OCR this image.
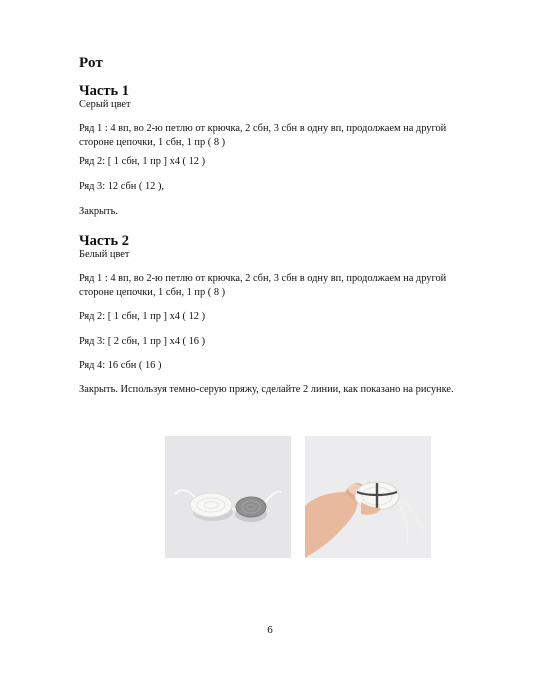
Рот
Часть 1
Серый цвет
Ряд 1 : 4 вп, во 2-ю петлю от крючка, 2 сбн, 3 сбн в одну вп, продолжаем на другой
стороне цепочки, 1 сбн, 1 пр ( 8 )
Ряд 2: [ 1 сбн, 1 пр ] x4 ( 12 )
Ряд 3: 12 сбн ( 12 ),
Закрыть.
Часть 2
Белый цвет
Ряд 1 : 4 вп, во 2-ю петлю от крючка, 2 сбн, 3 сбн в одну вп, продолжаем на другой
стороне цепочки, 1 сбн, 1 пр ( 8 )
Ряд 2: [ 1 сбн, 1 пр ] x4 ( 12 )
Ряд 3: [ 2 сбн, 1 пр ] x4 ( 16 )
Ряд 4: 16 сбн ( 16 )
Закрыть. Используя темно-серую пряжу, сделайте 2 линии, как показано на рисунке.
6
